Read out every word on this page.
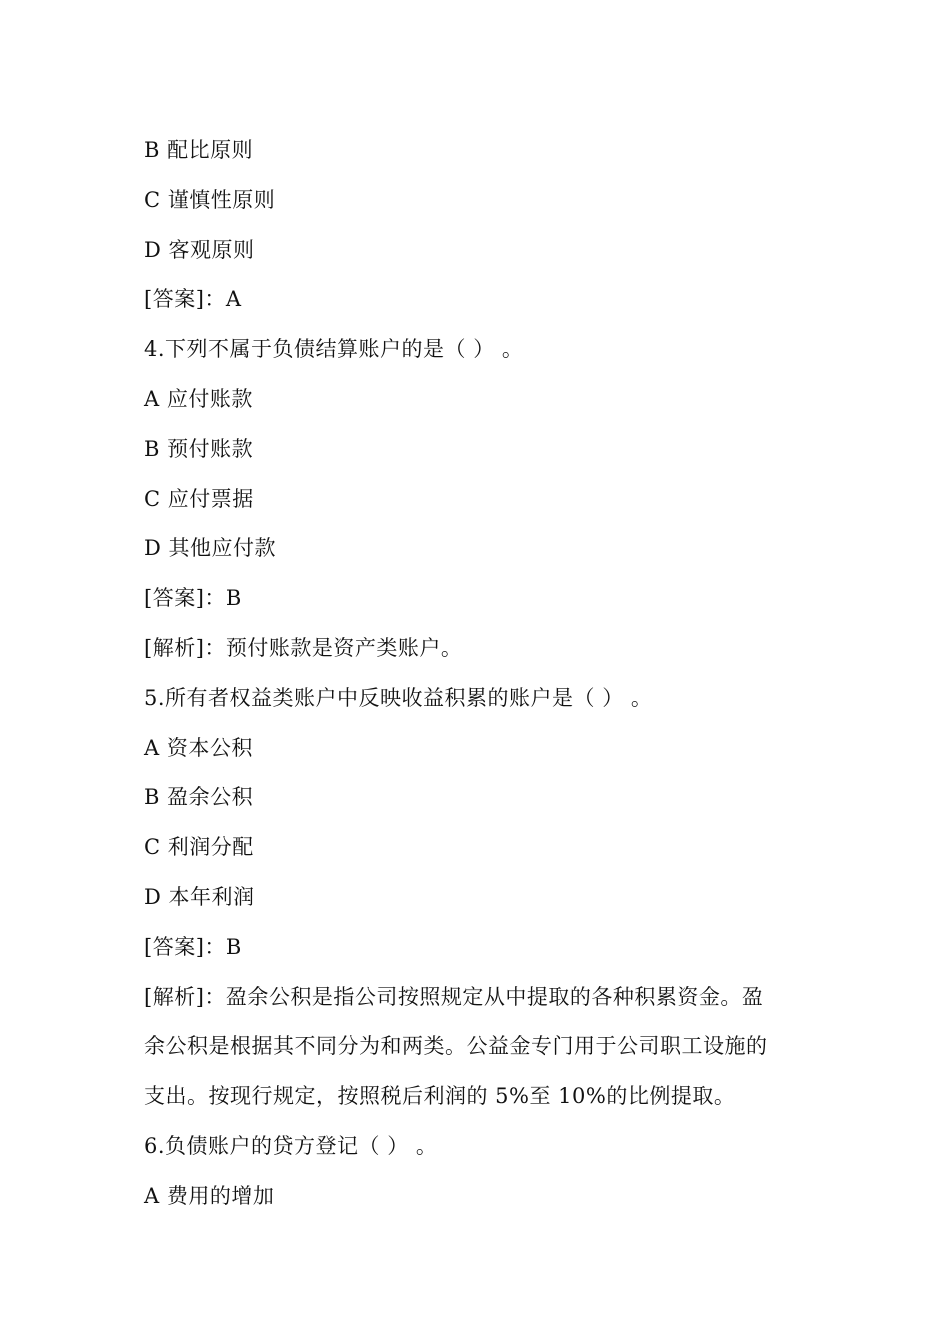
B 配比原则
C 谨慎性原则
D 客观原则
[答案]：A
4.下列不属于负债结算账户的是（ ） 。
A 应付账款
B 预付账款
C 应付票据
D 其他应付款
[答案]：B
[解析]：预付账款是资产类账户。
5.所有者权益类账户中反映收益积累的账户是（ ） 。
A 资本公积
B 盈余公积
C 利润分配
D 本年利润
[答案]：B
[解析]：盈余公积是指公司按照规定从中提取的各种积累资金。盈
余公积是根据其不同分为和两类。公益金专门用于公司职工设施的
支出。按现行规定，按照税后利润的 5%至 10%的比例提取。
6.负债账户的贷方登记（ ） 。
A 费用的增加
